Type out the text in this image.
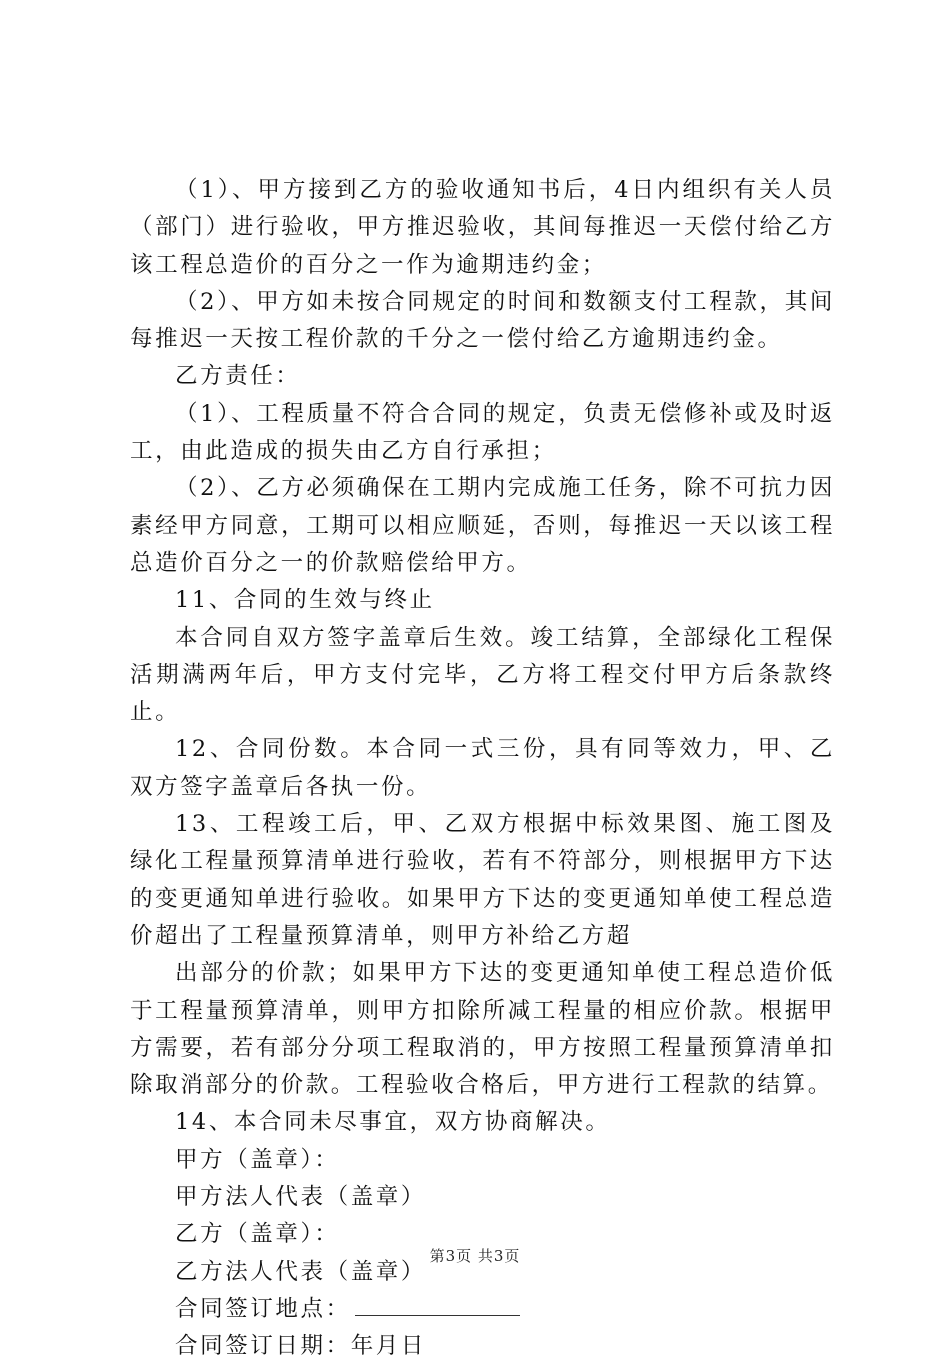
（1）、甲方接到乙方的验收通知书后，4日内组织有关人员（部门）进行验收，甲方推迟验收，其间每推迟一天偿付给乙方该工程总造价的百分之一作为逾期违约金；

（2）、甲方如未按合同规定的时间和数额支付工程款，其间每推迟一天按工程价款的千分之一偿付给乙方逾期违约金。

乙方责任：

（1）、工程质量不符合合同的规定，负责无偿修补或及时返工，由此造成的损失由乙方自行承担；

（2）、乙方必须确保在工期内完成施工任务，除不可抗力因素经甲方同意，工期可以相应顺延，否则，每推迟一天以该工程总造价百分之一的价款赔偿给甲方。

11、合同的生效与终止

本合同自双方签字盖章后生效。竣工结算，全部绿化工程保活期满两年后，甲方支付完毕，乙方将工程交付甲方后条款终止。

12、合同份数。本合同一式三份，具有同等效力，甲、乙双方签字盖章后各执一份。

13、工程竣工后，甲、乙双方根据中标效果图、施工图及绿化工程量预算清单进行验收，若有不符部分，则根据甲方下达的变更通知单进行验收。如果甲方下达的变更通知单使工程总造价超出了工程量预算清单，则甲方补给乙方超

出部分的价款；如果甲方下达的变更通知单使工程总造价低于工程量预算清单，则甲方扣除所减工程量的相应价款。根据甲方需要，若有部分分项工程取消的，甲方按照工程量预算清单扣除取消部分的价款。工程验收合格后，甲方进行工程款的结算。

14、本合同未尽事宜，双方协商解决。

甲方（盖章）：

甲方法人代表（盖章）

乙方（盖章）：

乙方法人代表（盖章）

合同签订地点：

合同签订日期：年月日

第3页 共3页
